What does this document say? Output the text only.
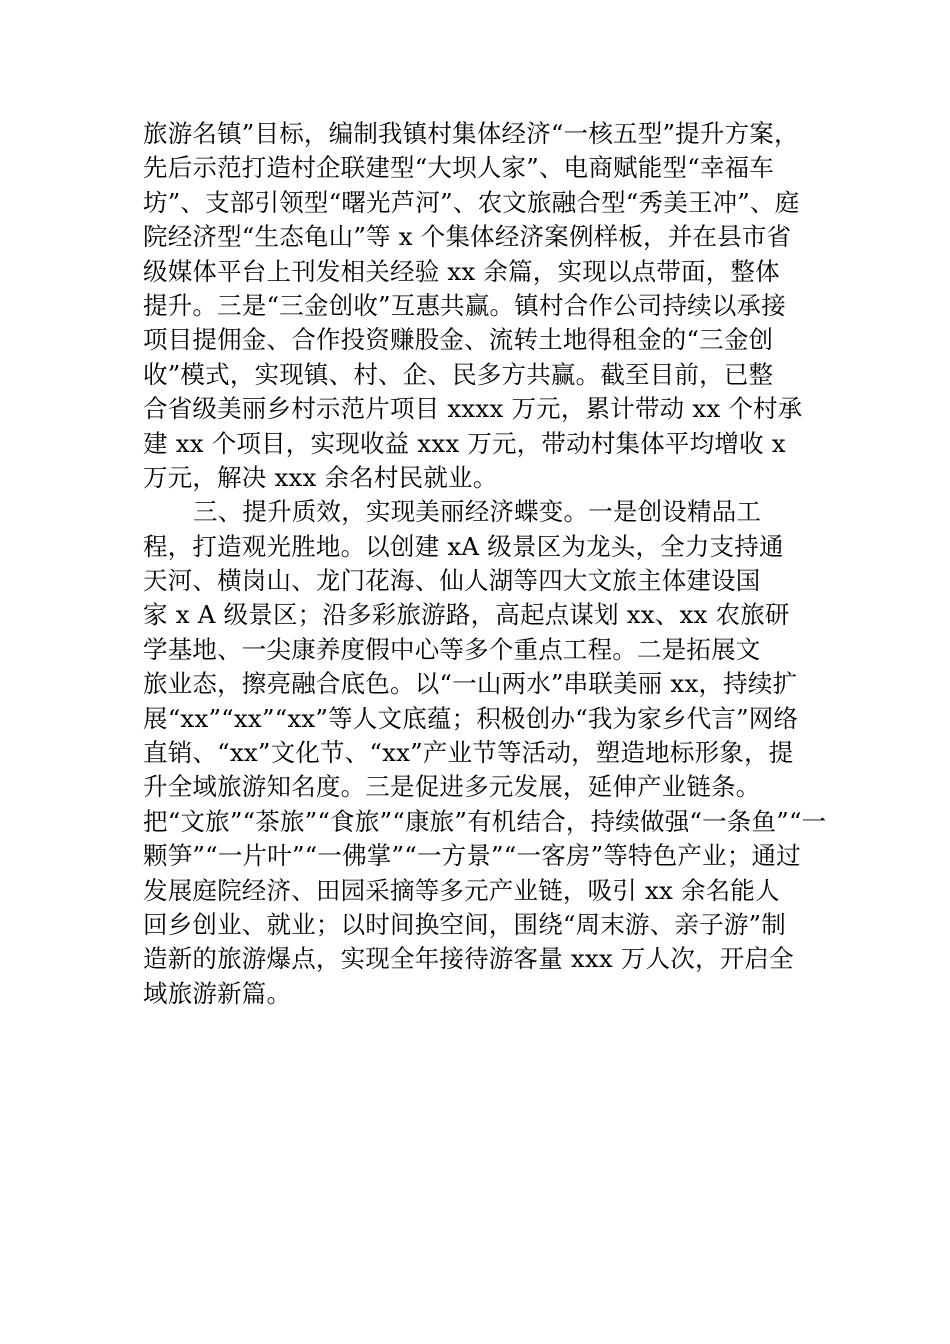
旅游名镇”目标，编制我镇村集体经济“一核五型”提升方案，
先后示范打造村企联建型“大坝人家”、电商赋能型“幸福车
坊”、支部引领型“曙光芦河”、农文旅融合型“秀美王冲”、庭
院经济型“生态龟山”等 x 个集体经济案例样板，并在县市省
级媒体平台上刊发相关经验 xx 余篇，实现以点带面，整体
提升。三是“三金创收”互惠共赢。镇村合作公司持续以承接
项目提佣金、合作投资赚股金、流转土地得租金的“三金创
收”模式，实现镇、村、企、民多方共赢。截至目前，已整
合省级美丽乡村示范片项目 xxxx 万元，累计带动 xx 个村承
建 xx 个项目，实现收益 xxx 万元，带动村集体平均增收 x
万元，解决 xxx 余名村民就业。
三、提升质效，实现美丽经济蝶变。一是创设精品工
程，打造观光胜地。以创建 xA 级景区为龙头，全力支持通
天河、横岗山、龙门花海、仙人湖等四大文旅主体建设国
家 x A 级景区；沿多彩旅游路，高起点谋划 xx、xx 农旅研
学基地、一尖康养度假中心等多个重点工程。二是拓展文
旅业态，擦亮融合底色。以“一山两水”串联美丽 xx，持续扩
展“xx”“xx”“xx”等人文底蕴；积极创办“我为家乡代言”网络
直销、“xx”文化节、“xx”产业节等活动，塑造地标形象，提
升全域旅游知名度。三是促进多元发展，延伸产业链条。
把“文旅”“茶旅”“食旅”“康旅”有机结合，持续做强“一条鱼”“一
颗笋”“一片叶”“一佛掌”“一方景”“一客房”等特色产业；通过
发展庭院经济、田园采摘等多元产业链，吸引 xx 余名能人
回乡创业、就业；以时间换空间，围绕“周末游、亲子游”制
造新的旅游爆点，实现全年接待游客量 xxx 万人次，开启全
域旅游新篇。
